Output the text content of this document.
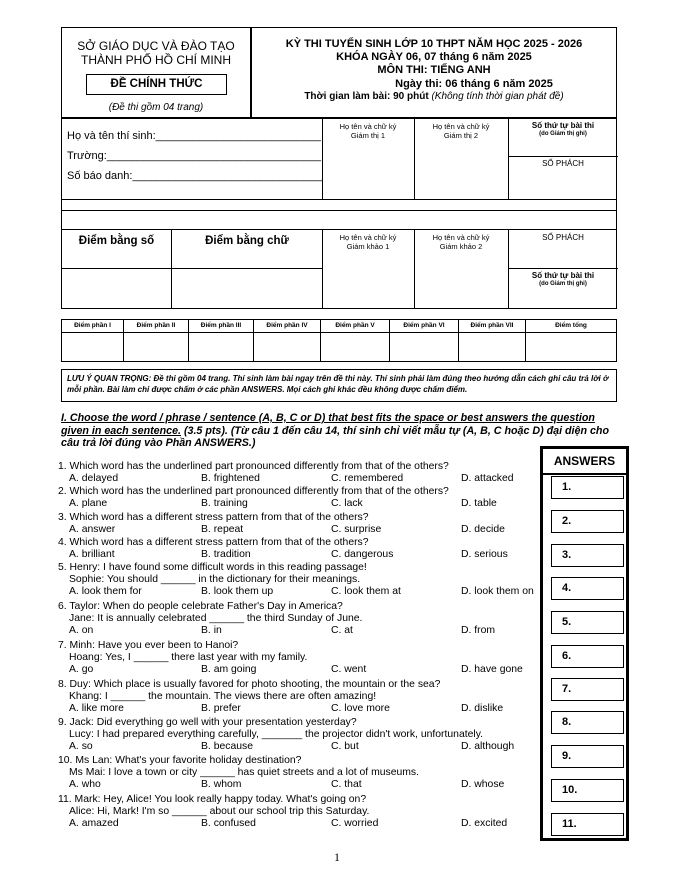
SỞ GIÁO DỤC VÀ ĐÀO TẠO
THÀNH PHỐ HỒ CHÍ MINH
ĐỀ CHÍNH THỨC
(Đề thi gồm 04 trang)
KỲ THI TUYỂN SINH LỚP 10 THPT NĂM HỌC 2025 - 2026
KHÓA NGÀY 06, 07 tháng 6 năm 2025
MÔN THI: TIẾNG ANH
Ngày thi: 06 tháng 6 năm 2025
Thời gian làm bài: 90 phút (Không tính thời gian phát đề)
Họ và tên thí sinh:___________________________
Trường:___________________________________
Số báo danh:_______________________________
Họ tên và chữ ký
Giám thị 1
Họ tên và chữ ký
Giám thị 2
Số thứ tự bài thi
(do Giám thị ghi)
SỐ PHÁCH
Điểm bằng số	Điểm bằng chữ	Họ tên và chữ ký
Giám khảo 1
Họ tên và chữ ký
Giám khảo 2
SỐ PHÁCH
Số thứ tự bài thi
(do Giám thị ghi)
Điểm phần I	Điểm phần II	Điểm phần III	Điểm phần IV	Điểm phần V	Điểm phần VI	Điểm phần VII	Điểm tổng
LƯU Ý QUAN TRỌNG: Đề thi gồm 04 trang. Thí sinh làm bài ngay trên đề thi này. Thí sinh phải làm đúng theo hướng dẫn cách ghi câu trả lời ở mỗi phần. Bài làm chỉ được chấm ở các phần ANSWERS. Mọi cách ghi khác đều không được chấm điểm.
I. Choose the word / phrase / sentence (A, B, C or D) that best fits the space or best answers the question given in each sentence. (3.5 pts). (Từ câu 1 đến câu 14, thí sinh chỉ viết mẫu tự (A, B, C hoặc D) đại diện cho câu trả lời đúng vào Phần ANSWERS.)
1. Which word has the underlined part pronounced differently from that of the others?
A. delayed	B. frightened	C. remembered	D. attacked
2. Which word has the underlined part pronounced differently from that of the others?
A. plane	B. training	C. lack	D. table
3. Which word has a different stress pattern from that of the others?
A. answer	B. repeat	C. surprise	D. decide
4. Which word has a different stress pattern from that of the others?
A. brilliant	B. tradition	C. dangerous	D. serious
5. Henry: I have found some difficult words in this reading passage!
Sophie: You should ______ in the dictionary for their meanings.
A. look them for	B. look them up	C. look them at	D. look them on
6. Taylor: When do people celebrate Father's Day in America?
Jane: It is annually celebrated ______ the third Sunday of June.
A. on	B. in	C. at	D. from
7. Minh: Have you ever been to Hanoi?
Hoang: Yes, I ______ there last year with my family.
A. go	B. am going	C. went	D. have gone
8. Duy: Which place is usually favored for photo shooting, the mountain or the sea?
Khang: I ______ the mountain. The views there are often amazing!
A. like more	B. prefer	C. love more	D. dislike
9. Jack: Did everything go well with your presentation yesterday?
Lucy: I had prepared everything carefully, _______ the projector didn't work, unfortunately.
A. so	B. because	C. but	D. although
10. Ms Lan: What's your favorite holiday destination?
Ms Mai: I love a town or city ______ has quiet streets and a lot of museums.
A. who	B. whom	C. that	D. whose
11. Mark: Hey, Alice! You look really happy today. What's going on?
Alice: Hi, Mark! I'm so ______ about our school trip this Saturday.
A. amazed	B. confused	C. worried	D. excited
ANSWERS
1.
2.
3.
4.
5.
6.
7.
8.
9.
10.
11.
1
